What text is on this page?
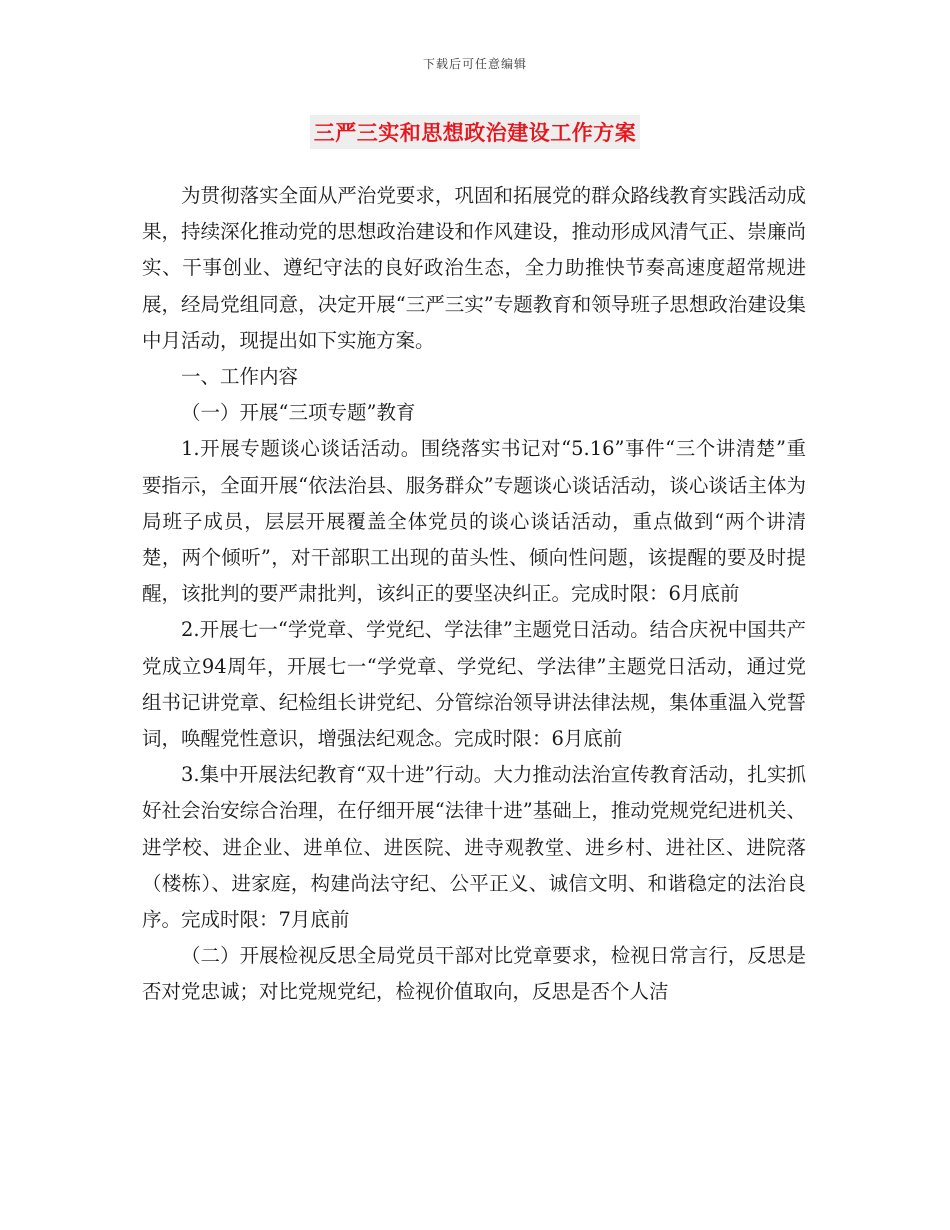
下载后可任意编辑
三严三实和思想政治建设工作方案

为贯彻落实全面从严治党要求，巩固和拓展党的群众路线教育实践活动成果，持续深化推动党的思想政治建设和作风建设，推动形成风清气正、崇廉尚实、干事创业、遵纪守法的良好政治生态，全力助推快节奏高速度超常规进展，经局党组同意，决定开展“三严三实”专题教育和领导班子思想政治建设集中月活动，现提出如下实施方案。

一、工作内容

（一）开展“三项专题”教育

1.开展专题谈心谈话活动。围绕落实书记对“5.16”事件“三个讲清楚”重要指示，全面开展“依法治县、服务群众”专题谈心谈话活动，谈心谈话主体为局班子成员，层层开展覆盖全体党员的谈心谈话活动，重点做到“两个讲清楚，两个倾听”，对干部职工出现的苗头性、倾向性问题，该提醒的要及时提醒，该批判的要严肃批判，该纠正的要坚决纠正。完成时限：6月底前

2.开展七一“学党章、学党纪、学法律”主题党日活动。结合庆祝中国共产党成立94周年，开展七一“学党章、学党纪、学法律”主题党日活动，通过党组书记讲党章、纪检组长讲党纪、分管综治领导讲法律法规，集体重温入党誓词，唤醒党性意识，增强法纪观念。完成时限：6月底前

3.集中开展法纪教育“双十进”行动。大力推动法治宣传教育活动，扎实抓好社会治安综合治理，在仔细开展“法律十进”基础上，推动党规党纪进机关、进学校、进企业、进单位、进医院、进寺观教堂、进乡村、进社区、进院落（楼栋）、进家庭，构建尚法守纪、公平正义、诚信文明、和谐稳定的法治良序。完成时限：7月底前

（二）开展检视反思全局党员干部对比党章要求，检视日常言行，反思是否对党忠诚；对比党规党纪，检视价值取向，反思是否个人洁
